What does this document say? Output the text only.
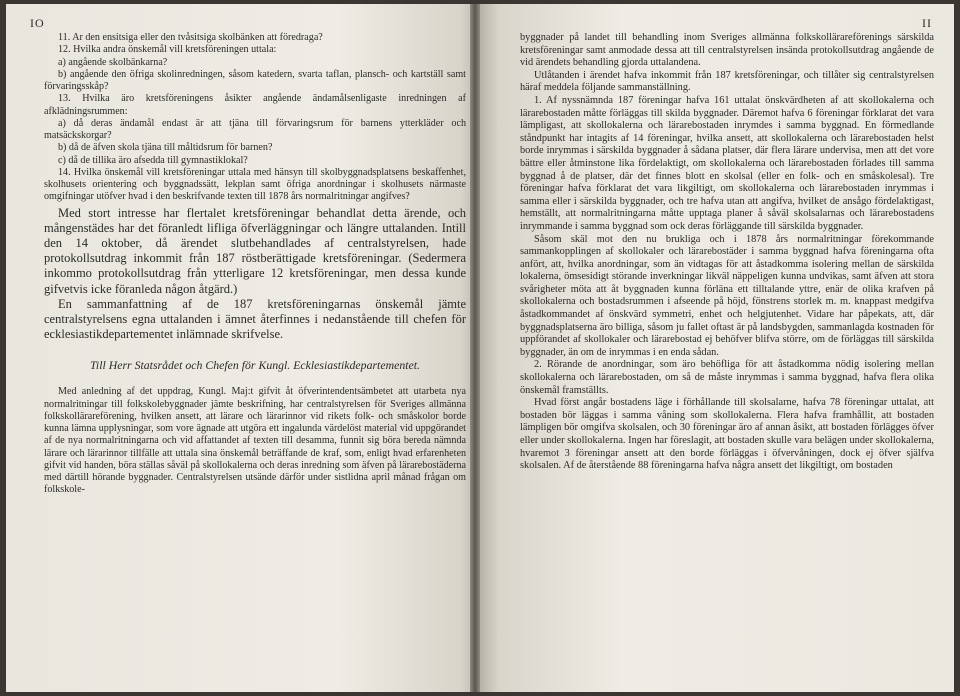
IO

11. Ar den ensitsiga eller den tvåsitsiga skolbänken att föredraga?

12. Hvilka andra önskemål vill kretsföreningen uttala:

a) angående skolbänkarna?

b) angående den öfriga skolinredningen, såsom katedern, svarta taflan, plansch- och kartställ samt förvaringsskåp?

13. Hvilka äro kretsföreningens åsikter angående ändamålsenligaste inredningen af afklädningsrummen:

a) då deras ändamål endast är att tjäna till förvaringsrum för barnens ytterkläder och matsäckskorgar?

b) då de äfven skola tjäna till måltidsrum för barnen?

c) då de tillika äro afsedda till gymnastiklokal?

14. Hvilka önskemål vill kretsföreningar uttala med hänsyn till skolbyggnadsplatsens beskaffenhet, skolhusets orientering och byggnadssätt, lekplan samt öfriga anordningar i skolhusets närmaste omgifningar utöfver hvad i den beskrifvande texten till 1878 års normalritningar angifves?

Med stort intresse har flertalet kretsföreningar behandlat detta ärende, och mångenstädes har det föranledt lifliga öfverläggningar och längre uttalanden. Intill den 14 oktober, då ärendet slutbehandlades af centralstyrelsen, hade protokollsutdrag inkommit från 187 röstberättigade kretsföreningar. (Sedermera inkommo protokollsutdrag från ytterligare 12 kretsföreningar, men dessa kunde gifvetvis icke föranleda någon åtgärd.)

En sammanfattning af de 187 kretsföreningarnas önskemål jämte centralstyrelsens egna uttalanden i ämnet återfinnes i nedanstående till chefen för ecklesiastikdepartementet inlämnade skrifvelse.

Till Herr Statsrådet och Chefen för Kungl. Ecklesiastikdepartementet.

Med anledning af det uppdrag, Kungl. Maj:t gifvit åt öfverintendentsämbetet att utarbeta nya normalritningar till folkskolebyggnader jämte beskrifning, har centralstyrelsen för Sveriges allmänna folkskollärareförening, hvilken ansett, att lärare och lärarinnor vid rikets folk- och småskolor borde kunna lämna upplysningar, som vore ägnade att utgöra ett ingalunda värdelöst material vid uppgörandet af de nya normalritningarna och vid affattandet af texten till desamma, funnit sig böra bereda nämnda lärare och lärarinnor tillfälle att uttala sina önskemål beträffande de kraf, som, enligt hvad erfarenheten gifvit vid handen, böra ställas såväl på skollokalerna och deras inredning som äfven på lärarebostäderna med därtill hörande byggnader. Centralstyrelsen utsände därför under sistlidna april månad frågan om folkskole-

II

byggnader på landet till behandling inom Sveriges allmänna folkskollärareförenings särskilda kretsföreningar samt anmodade dessa att till centralstyrelsen insända protokollsutdrag angående de vid ärendets behandling gjorda uttalandena.

Utlåtanden i ärendet hafva inkommit från 187 kretsföreningar, och tillåter sig centralstyrelsen häraf meddela följande sammanställning.

1. Af nyssnämnda 187 föreningar hafva 161 uttalat önskvärdheten af att skollokalerna och lärarebostaden måtte förläggas till skilda byggnader. Däremot hafva 6 föreningar förklarat det vara lämpligast, att skollokalerna och lärarebostaden inrymdes i samma byggnad. En förmedlande ståndpunkt har intagits af 14 föreningar, hvilka ansett, att skollokalerna och lärarebostaden helst borde inrymmas i särskilda byggnader å sådana platser, där flera lärare undervisa, men att det vore bättre eller åtminstone lika fördelaktigt, om skollokalerna och lärarebostaden förlades till samma byggnad å de platser, där det finnes blott en skolsal (eller en folk- och en småskolesal). Tre föreningar hafva förklarat det vara likgiltigt, om skollokalerna och lärarebostaden inrymmas i samma eller i särskilda byggnader, och tre hafva utan att angifva, hvilket de ansågo fördelaktigast, hemställt, att normalritningarna måtte upptaga planer å såväl skolsalarnas och lärarebostadens inrymmande i samma byggnad som ock deras förläggande till särskilda byggnader.

Såsom skäl mot den nu brukliga och i 1878 års normalritningar förekommande sammankopplingen af skollokaler och lärarebostäder i samma byggnad hafva föreningarna ofta anfört, att, hvilka anordningar, som än vidtagas för att åstadkomma isolering mellan de särskilda lokalerna, ömsesidigt störande inverkningar likväl näppeligen kunna undvikas, samt äfven att stora svårigheter möta att åt byggnaden kunna förläna ett tilltalande yttre, enär de olika krafven på skollokalerna och bostadsrummen i afseende på höjd, fönstrens storlek m. m. knappast medgifva åstadkommandet af önskvärd symmetri, enhet och helgjutenhet. Vidare har påpekats, att, där byggnadsplatserna äro billiga, såsom ju fallet oftast är på landsbygden, sammanlagda kostnaden för uppförandet af skollokaler och lärarebostad ej behöfver blifva större, om de förläggas till särskilda byggnader, än om de inrymmas i en enda sådan.

2. Rörande de anordningar, som äro behöfliga för att åstadkomma nödig isolering mellan skollokalerna och lärarebostaden, om så de måste inrymmas i samma byggnad, hafva flera olika önskemål framställts.

Hvad först angår bostadens läge i förhållande till skolsalarne, hafva 78 föreningar uttalat, att bostaden bör läggas i samma våning som skollokalerna. Flera hafva framhållit, att bostaden lämpligen bör omgifva skolsalen, och 30 föreningar äro af annan åsikt, att bostaden förlägges öfver eller under skollokalerna. Ingen har föreslagit, att bostaden skulle vara belägen under skollokalerna, hvaremot 3 föreningar ansett att den borde förläggas i öfvervåningen, dock ej öfver själfva skolsalen. Af de återstående 88 föreningarna hafva några ansett det likgiltigt, om bostaden
